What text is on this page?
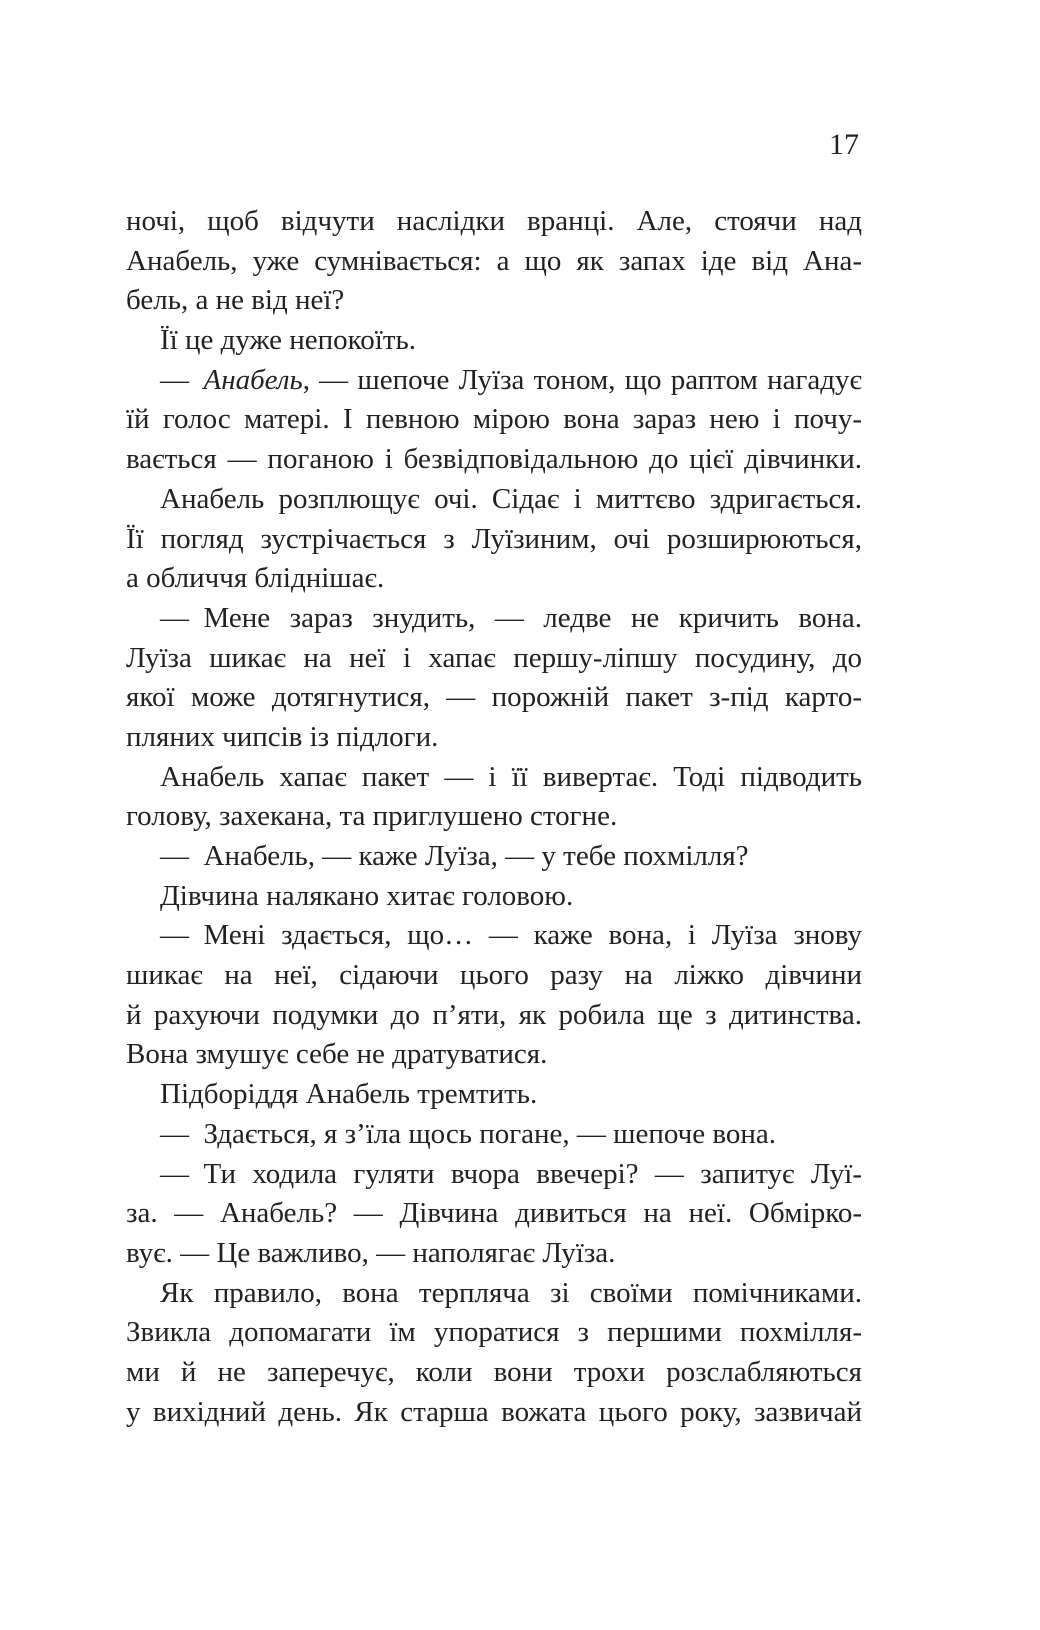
17
ночі, щоб відчути наслідки вранці. Але, стоячи над
Анабель, уже сумнівається: а що як запах іде від Ана-
бель, а не від неї?
Її це дуже непокоїть.
— Анабель, — шепоче Луїза тоном, що раптом нагадує
їй голос матері. І певною мірою вона зараз нею і почу-
вається — поганою і безвідповідальною до цієї дівчинки.
Анабель розплющує очі. Сідає і миттєво здригається.
Її погляд зустрічається з Луїзиним, очі розширюються,
а обличчя бліднішає.
— Мене зараз знудить, — ледве не кричить вона.
Луїза шикає на неї і хапає першу-ліпшу посудину, до
якої може дотягнутися, — порожній пакет з-під карто-
пляних чипсів із підлоги.
Анабель хапає пакет — і її вивертає. Тоді підводить
голову, захекана, та приглушено стогне.
— Анабель, — каже Луїза, — у тебе похмілля?
Дівчина налякано хитає головою.
— Мені здається, що… — каже вона, і Луїза знову
шикає на неї, сідаючи цього разу на ліжко дівчини
й рахуючи подумки до п’яти, як робила ще з дитинства.
Вона змушує себе не дратуватися.
Підборіддя Анабель тремтить.
— Здається, я з’їла щось погане, — шепоче вона.
— Ти ходила гуляти вчора ввечері? — запитує Луї-
за. — Анабель? — Дівчина дивиться на неї. Обмірко-
вує. — Це важливо, — наполягає Луїза.
Як правило, вона терпляча зі своїми помічниками.
Звикла допомагати їм упоратися з першими похмілля-
ми й не заперечує, коли вони трохи розслабляються
у вихідний день. Як старша вожата цього року, зазвичай
